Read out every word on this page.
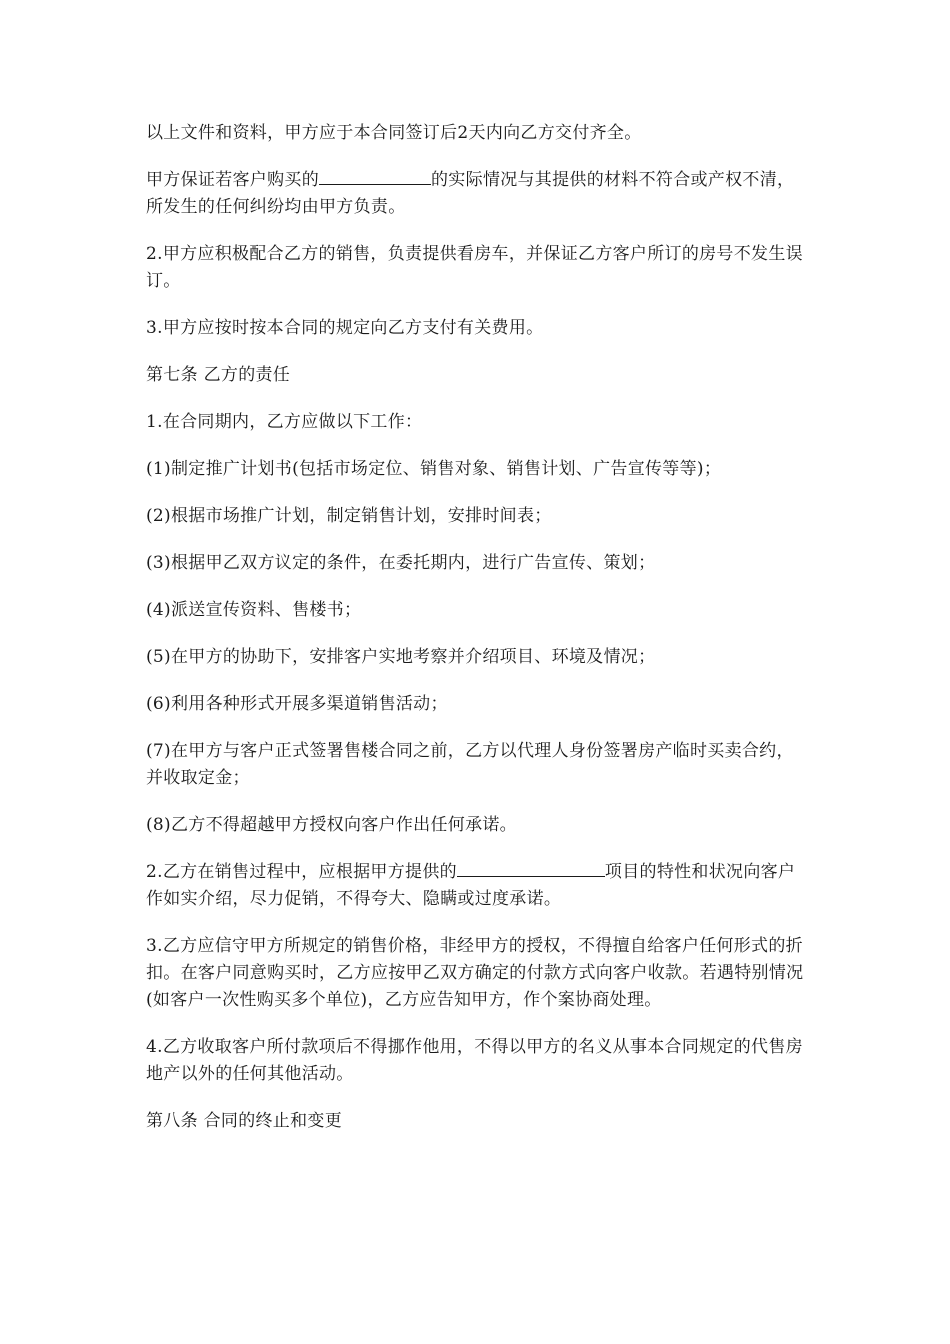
以上文件和资料，甲方应于本合同签订后2天内向乙方交付齐全。

甲方保证若客户购买的	的实际情况与其提供的材料不符合或产权不清，所发生的任何纠纷均由甲方负责。

2.甲方应积极配合乙方的销售，负责提供看房车，并保证乙方客户所订的房号不发生误订。

3.甲方应按时按本合同的规定向乙方支付有关费用。

第七条 乙方的责任

1.在合同期内，乙方应做以下工作：

(1)制定推广计划书(包括市场定位、销售对象、销售计划、广告宣传等等)；

(2)根据市场推广计划，制定销售计划，安排时间表；

(3)根据甲乙双方议定的条件，在委托期内，进行广告宣传、策划；

(4)派送宣传资料、售楼书；

(5)在甲方的协助下，安排客户实地考察并介绍项目、环境及情况；

(6)利用各种形式开展多渠道销售活动；

(7)在甲方与客户正式签署售楼合同之前，乙方以代理人身份签署房产临时买卖合约，并收取定金；

(8)乙方不得超越甲方授权向客户作出任何承诺。

2.乙方在销售过程中，应根据甲方提供的	项目的特性和状况向客户作如实介绍，尽力促销，不得夸大、隐瞒或过度承诺。

3.乙方应信守甲方所规定的销售价格，非经甲方的授权，不得擅自给客户任何形式的折扣。在客户同意购买时，乙方应按甲乙双方确定的付款方式向客户收款。若遇特别情况(如客户一次性购买多个单位)，乙方应告知甲方，作个案协商处理。

4.乙方收取客户所付款项后不得挪作他用，不得以甲方的名义从事本合同规定的代售房地产以外的任何其他活动。

第八条 合同的终止和变更
